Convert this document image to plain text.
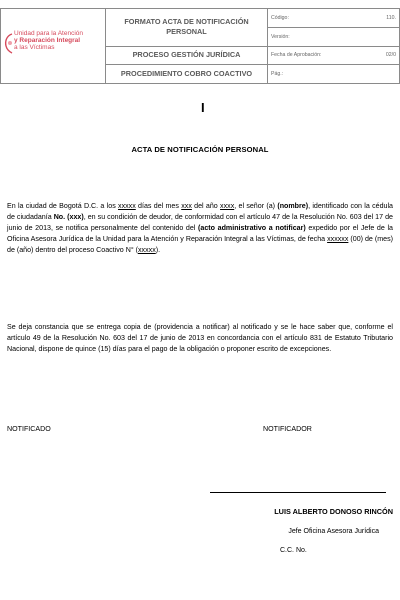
Unidad para la Atención
y Reparación Integral
a las Víctimas	FORMATO ACTA DE NOTIFICACIÓN PERSONAL	Código: 110.

		Versión:

	PROCESO GESTIÓN JURÍDICA	Fecha de Aprobación: 02/0

	PROCEDIMIENTO COBRO COACTIVO	Pág.:
I
ACTA DE NOTIFICACIÓN PERSONAL

En la ciudad de Bogotá D.C. a los xxxxx días del mes xxx del año xxxx, el señor (a) (nombre), identificado con la cédula de ciudadanía No. (xxx), en su condición de deudor, de conformidad con el artículo 47 de la Resolución No. 603 del 17 de junio de 2013, se notifica personalmente del contenido del (acto administrativo a notificar) expedido por el Jefe de la Oficina Asesora Jurídica de la Unidad para la Atención y Reparación Integral a las Víctimas, de fecha xxxxxx (00) de (mes) de (año) dentro del proceso Coactivo N° (xxxxx).

Se deja constancia que se entrega copia de (providencia a notificar) al notificado y se le hace saber que, conforme el artículo 49 de la Resolución No. 603 del 17 de junio de 2013 en concordancia con el artículo 831 de Estatuto Tributario Nacional, dispone de quince (15) días para el pago de la obligación o proponer escrito de excepciones.

NOTIFICADO	NOTIFICADOR
LUIS ALBERTO DONOSO RINCÓN
Jefe Oficina Asesora Jurídica
C.C. No.
